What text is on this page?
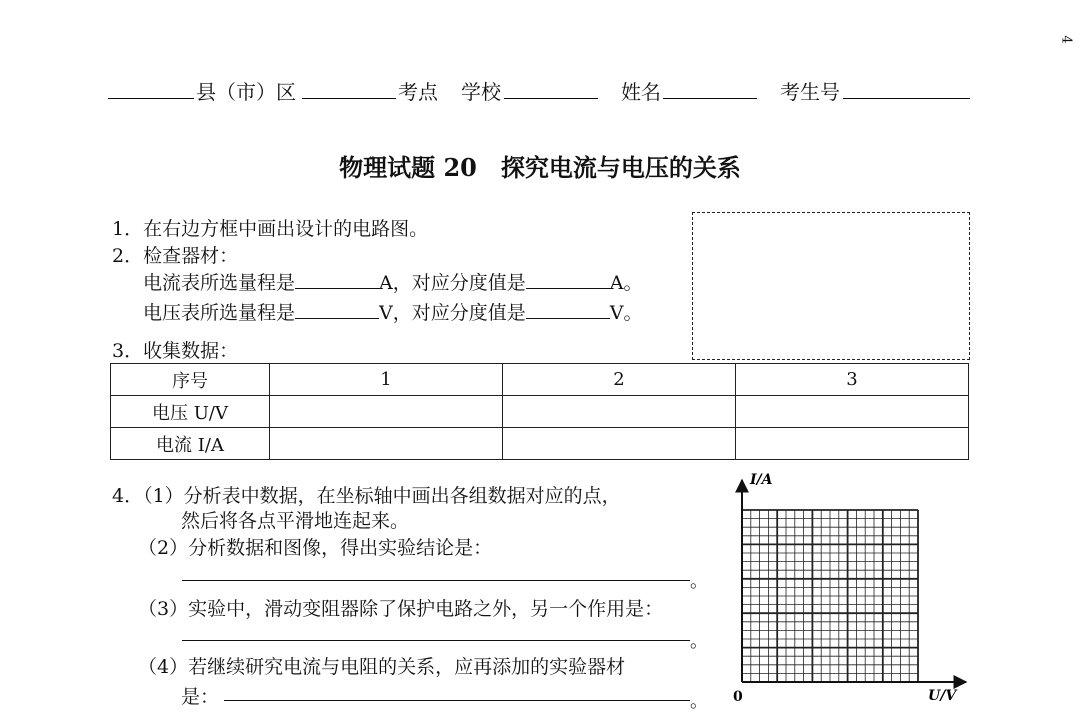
4
县（市）区	考点 学校	姓名	考生号
物理试题 20　探究电流与电压的关系
1．在右边方框中画出设计的电路图。
2．检查器材：
电流表所选量程是	A，对应分度值是	A。
电压表所选量程是	V，对应分度值是	V。
3．收集数据：
序号	1	2	3
电压 U/V			
电流 I/A			
4．（1）分析表中数据，在坐标轴中画出各组数据对应的点，
然后将各点平滑地连起来。
（2）分析数据和图像，得出实验结论是：
。
（3）实验中，滑动变阻器除了保护电路之外，另一个作用是：
。
（4）若继续研究电流与电阻的关系，应再添加的实验器材
是：	。
I/A
U/V
0
